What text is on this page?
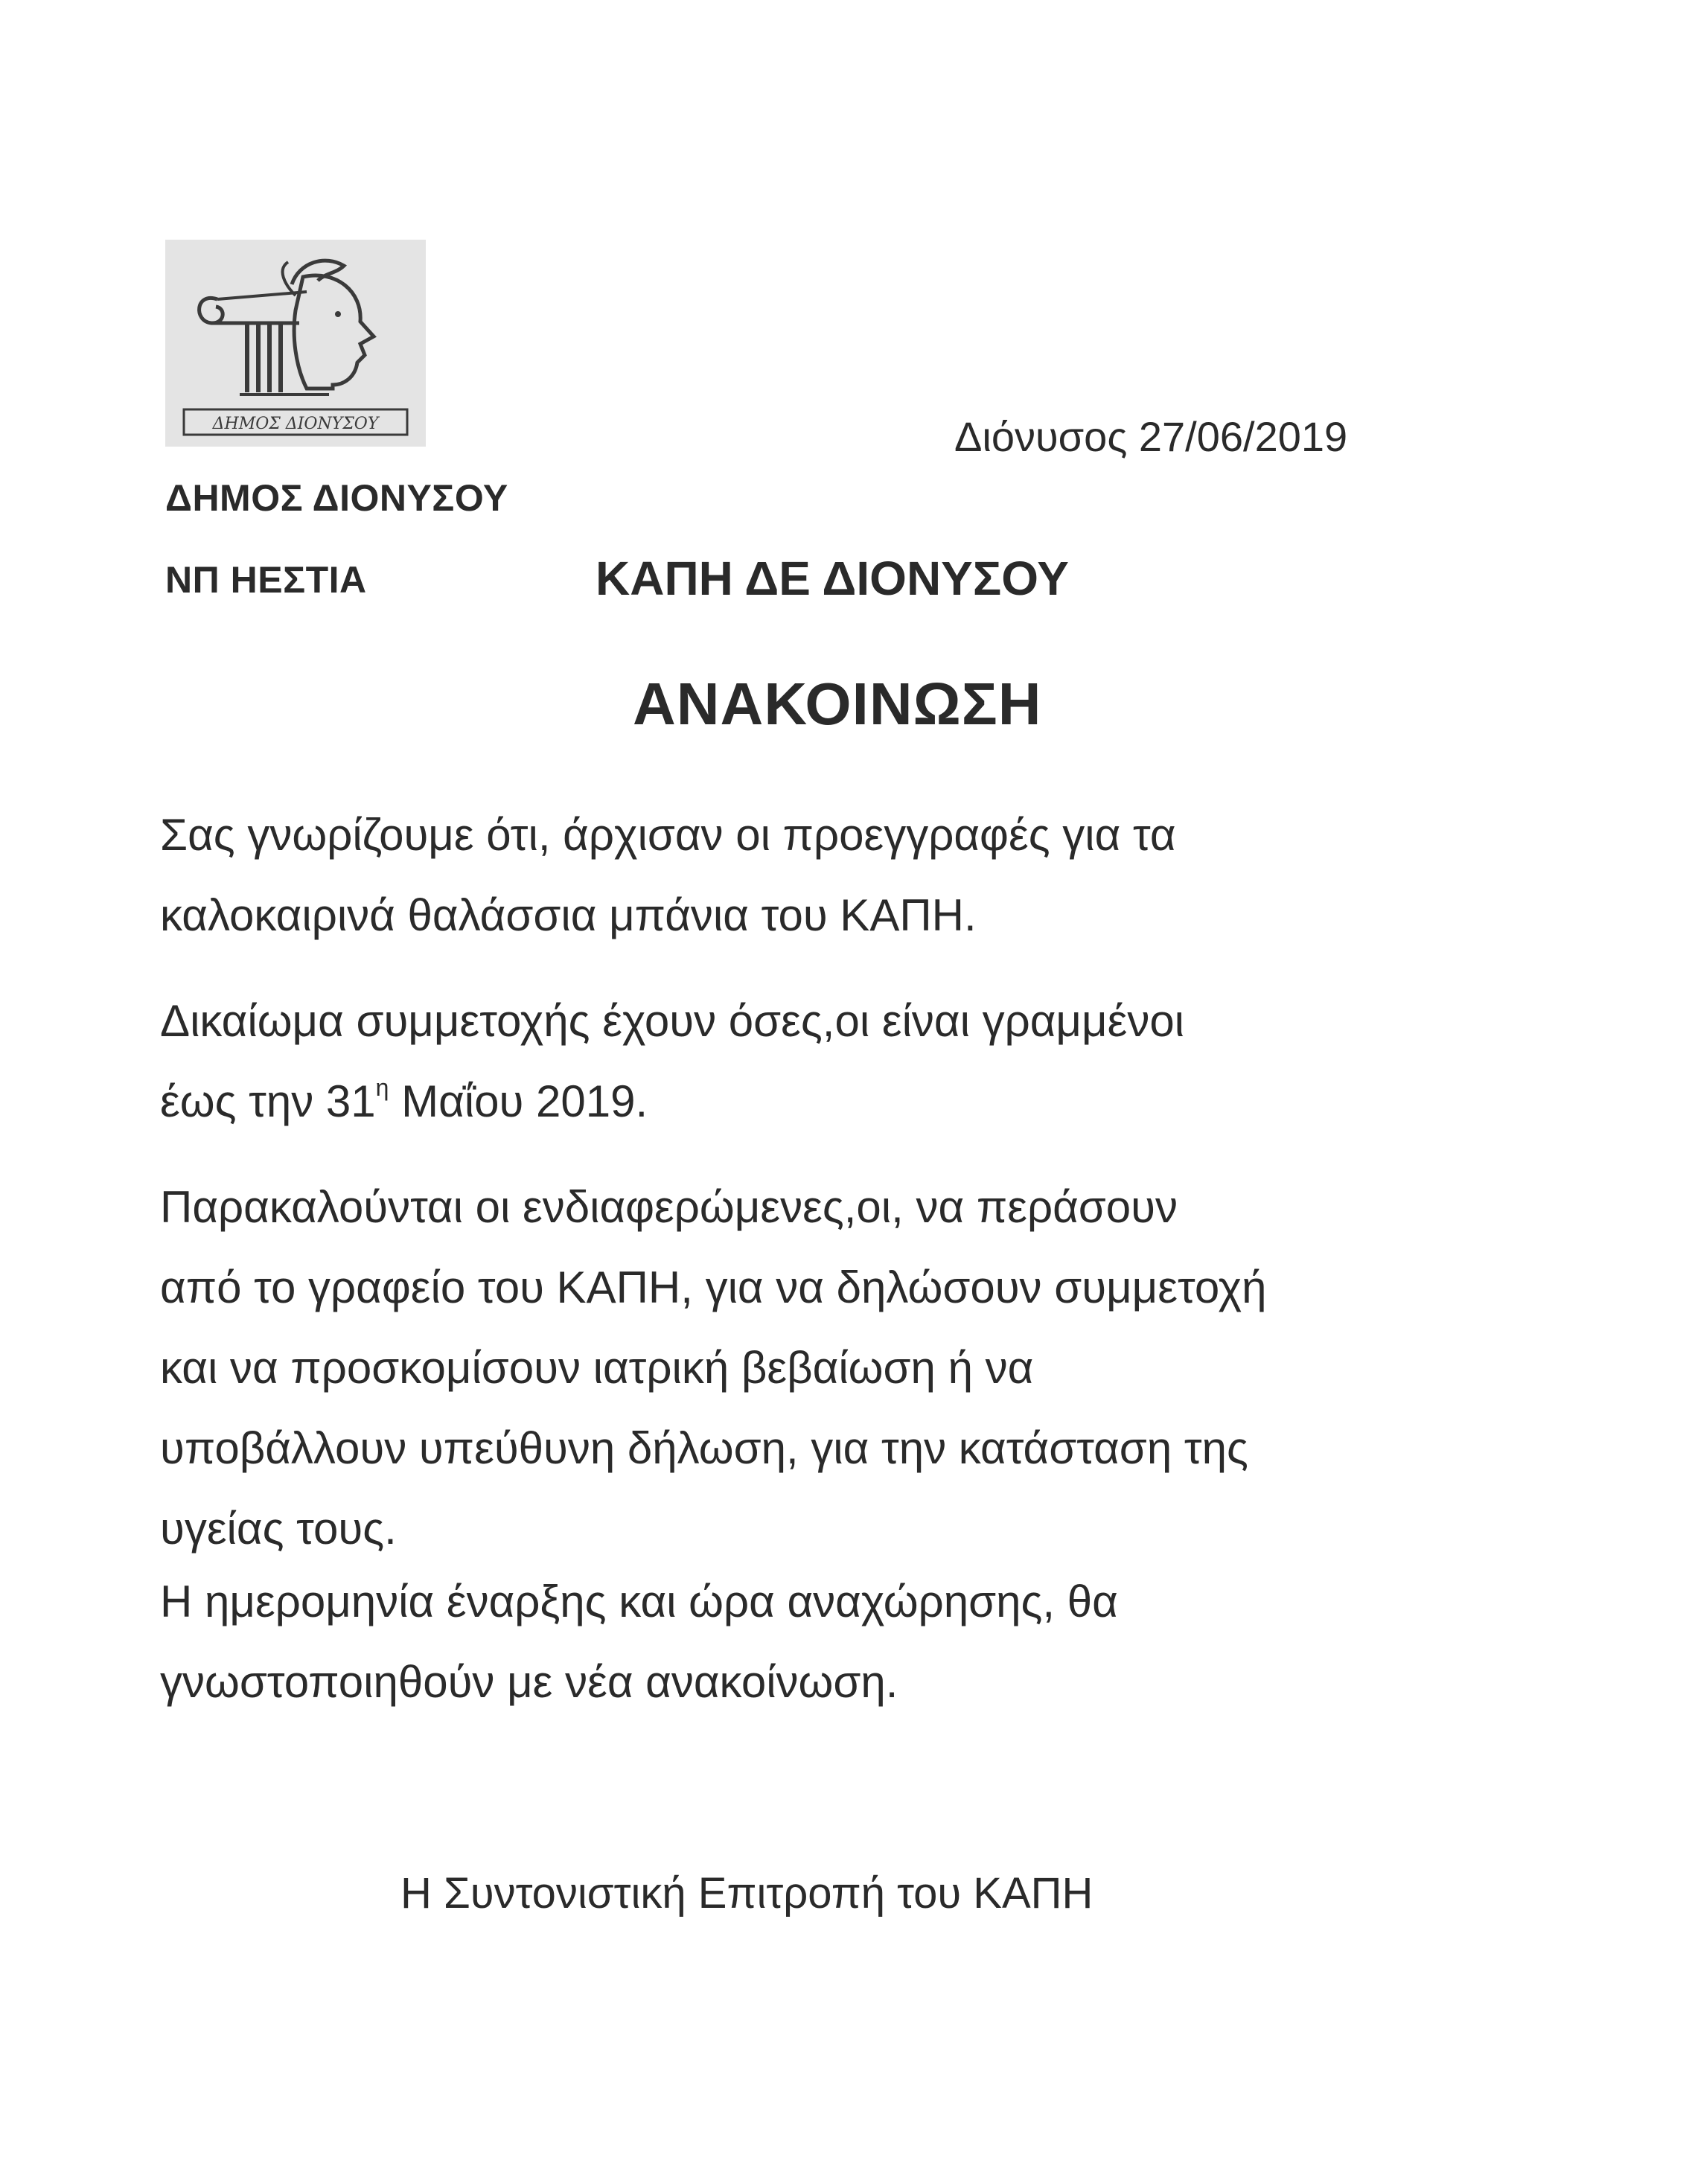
ΔΗΜΟΣ ΔΙΟΝΥΣΟΥ	Διόνυσος 27/06/2019
ΔΗΜΟΣ ΔΙΟΝΥΣΟΥ
ΝΠ ΗΕΣΤΙΑ	ΚΑΠΗ ΔΕ ΔΙΟΝΥΣΟΥ
ΑΝΑΚΟΙΝΩΣΗ

Σας γνωρίζουμε ότι, άρχισαν οι προεγγραφές για τα
καλοκαιρινά θαλάσσια μπάνια του ΚΑΠΗ.

Δικαίωμα συμμετοχής έχουν όσες,οι είναι γραμμένοι
έως την $31^\eta$ Μαΐου 2019.

Παρακαλούνται οι ενδιαφερώμενες,οι, να περάσουν
από το γραφείο του ΚΑΠΗ, για να δηλώσουν συμμετοχή
και να προσκομίσουν ιατρική βεβαίωση ή να
υποβάλλουν υπεύθυνη δήλωση, για την κατάσταση της
υγείας τους.

Η ημερομηνία έναρξης και ώρα αναχώρησης, θα
γνωστοποιηθούν με νέα ανακοίνωση.

Η Συντονιστική Επιτροπή του ΚΑΠΗ
